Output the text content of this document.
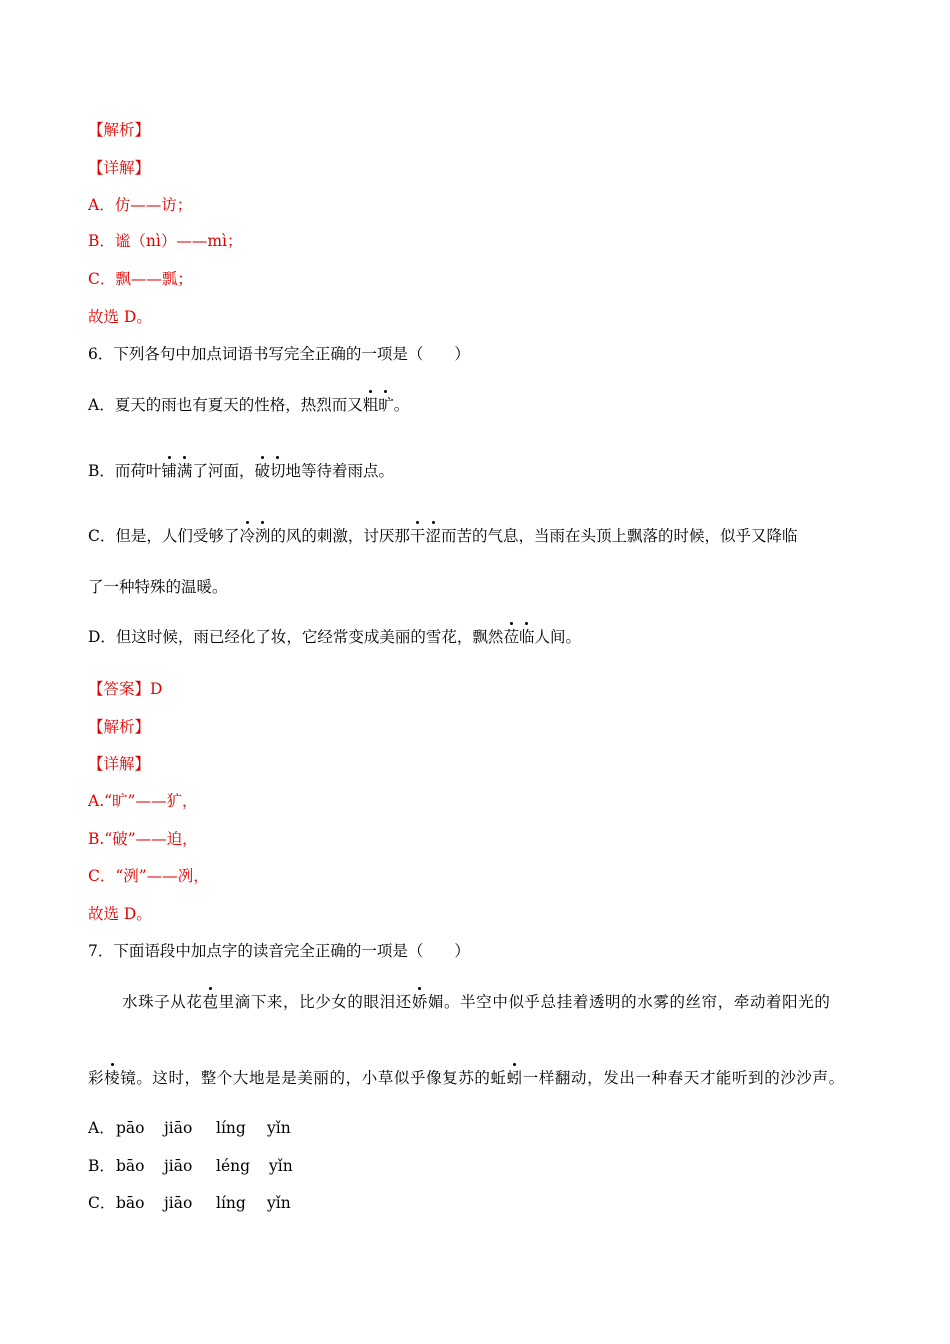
【解析】
【详解】
A．仿——访；
B．谧（nì）——mì；
C．飘——瓢；
故选 D。
6．下列各句中加点词语书写完全正确的一项是（　　）
A．夏天的雨也有夏天的性格，热烈而又粗旷。
B．而荷叶铺满了河面，破切地等待着雨点。
C．但是，人们受够了冷洌的风的刺激，讨厌那干涩而苦的气息，当雨在头顶上飘落的时候，似乎又降临
了一种特殊的温暖。
D．但这时候，雨已经化了妆，它经常变成美丽的雪花，飘然莅临人间。
【答案】D
【解析】
【详解】
A.“旷”——犷，
B.“破”——迫，
C．“洌”——冽，
故选 D。
7．下面语段中加点字的读音完全正确的一项是（　　）
水珠子从花苞里滴下来，比少女的眼泪还娇媚。半空中似乎总挂着透明的水雾的丝帘，牵动着阳光的
彩棱镜。这时，整个大地是是美丽的，小草似乎像复苏的蚯蚓一样翻动，发出一种春天才能听到的沙沙声。
A．pāo jiāo líng yǐn
B．bāo jiāo léng yǐn
C．bāo jiāo líng yǐn
